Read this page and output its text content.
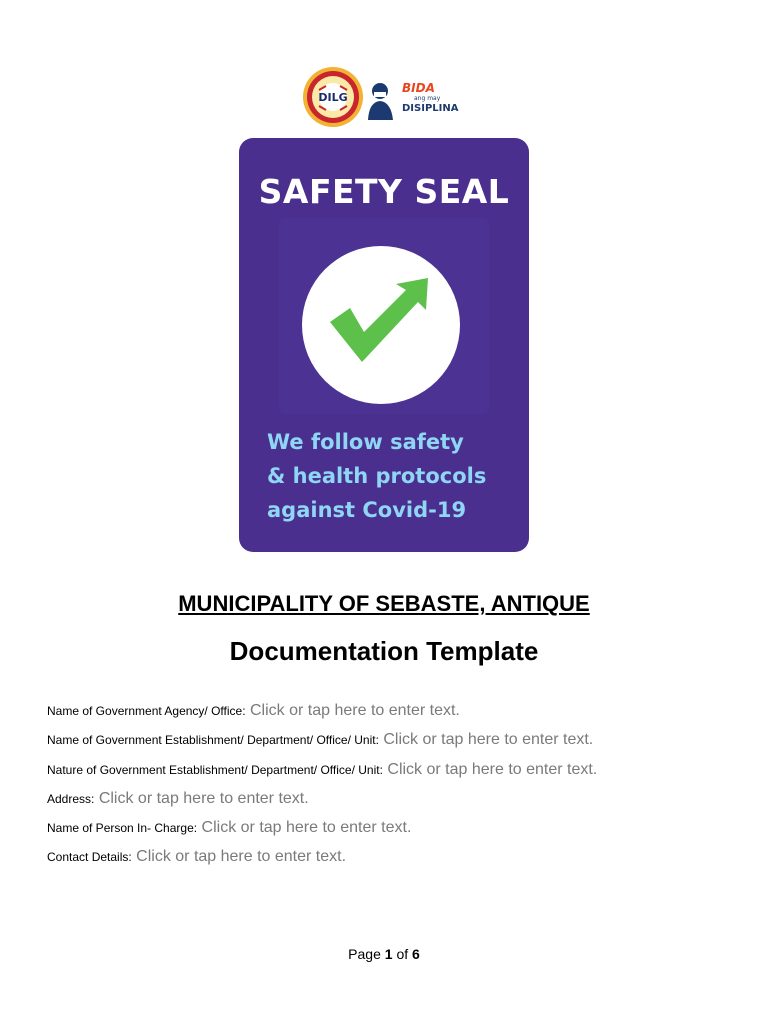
DILG
BIDA
ang may
DISIPLINA
SAFETY SEAL
We follow safety
& health protocols
against Covid-19
MUNICIPALITY OF SEBASTE, ANTIQUE
Documentation Template
Name of Government Agency/ Office: Click or tap here to enter text.
Name of Government Establishment/ Department/ Office/ Unit: Click or tap here to enter text.
Nature of Government Establishment/ Department/ Office/ Unit: Click or tap here to enter text.
Address: Click or tap here to enter text.
Name of Person In- Charge: Click or tap here to enter text.
Contact Details: Click or tap here to enter text.
Page 1 of 6
